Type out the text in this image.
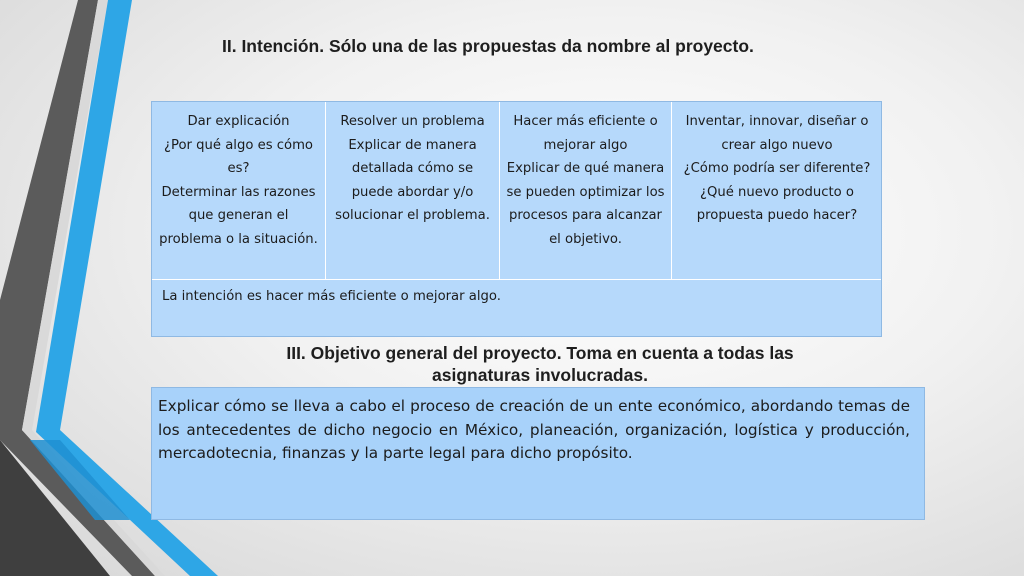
II. Intención. Sólo una de las propuestas da nombre al proyecto.
Dar explicación
¿Por qué algo es cómo es?
Determinar las razones que generan el problema o la situación.
Resolver un problema
Explicar de manera detallada cómo se puede abordar y/o solucionar el problema.
Hacer más eficiente o mejorar algo
Explicar de qué manera se pueden optimizar los procesos para alcanzar el objetivo.
Inventar, innovar, diseñar o crear algo nuevo
¿Cómo podría ser diferente?
¿Qué nuevo producto o propuesta puedo hacer?
La intención es hacer más eficiente o mejorar algo.
III. Objetivo general del proyecto. Toma en cuenta a todas las
asignaturas involucradas.
Explicar cómo se lleva a cabo el proceso de creación de un ente económico, abordando temas de los antecedentes de dicho negocio en México, planeación, organización, logística y producción, mercadotecnia, finanzas y la parte legal para dicho propósito.
